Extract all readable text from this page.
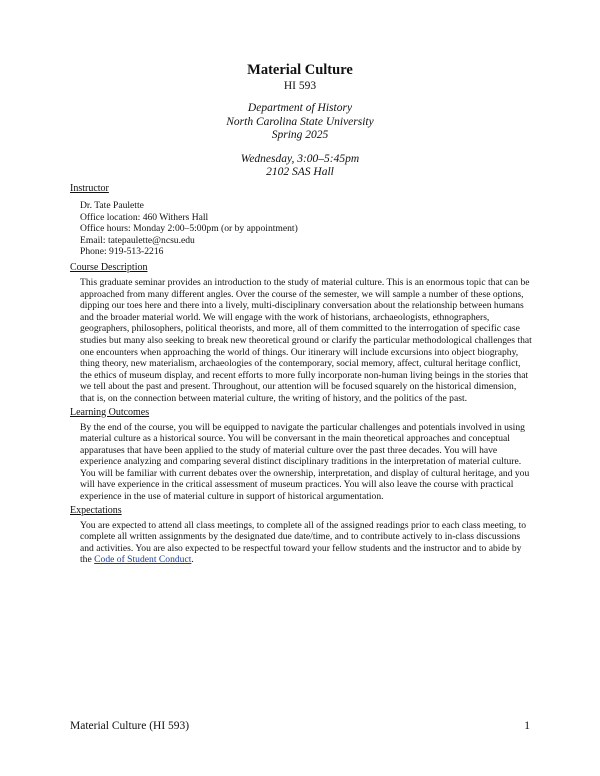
Material Culture
HI 593
Department of History
North Carolina State University
Spring 2025
Wednesday, 3:00–5:45pm
2102 SAS Hall
Instructor
Dr. Tate Paulette
Office location: 460 Withers Hall
Office hours: Monday 2:00–5:00pm (or by appointment)
Email: tatepaulette@ncsu.edu
Phone: 919-513-2216
Course Description

This graduate seminar provides an introduction to the study of material culture. This is an enormous topic that can be approached from many different angles. Over the course of the semester, we will sample a number of these options, dipping our toes here and there into a lively, multi-disciplinary conversation about the relationship between humans and the broader material world. We will engage with the work of historians, archaeologists, ethnographers, geographers, philosophers, political theorists, and more, all of them committed to the interrogation of specific case studies but many also seeking to break new theoretical ground or clarify the particular methodological challenges that one encounters when approaching the world of things. Our itinerary will include excursions into object biography, thing theory, new materialism, archaeologies of the contemporary, social memory, affect, cultural heritage conflict, the ethics of museum display, and recent efforts to more fully incorporate non-human living beings in the stories that we tell about the past and present. Throughout, our attention will be focused squarely on the historical dimension, that is, on the connection between material culture, the writing of history, and the politics of the past.

Learning Outcomes

By the end of the course, you will be equipped to navigate the particular challenges and potentials involved in using material culture as a historical source. You will be conversant in the main theoretical approaches and conceptual apparatuses that have been applied to the study of material culture over the past three decades. You will have experience analyzing and comparing several distinct disciplinary traditions in the interpretation of material culture. You will be familiar with current debates over the ownership, interpretation, and display of cultural heritage, and you will have experience in the critical assessment of museum practices. You will also leave the course with practical experience in the use of material culture in support of historical argumentation.

Expectations

You are expected to attend all class meetings, to complete all of the assigned readings prior to each class meeting, to complete all written assignments by the designated due date/time, and to contribute actively to in-class discussions and activities. You are also expected to be respectful toward your fellow students and the instructor and to abide by the Code of Student Conduct.

Material Culture (HI 593)	1
